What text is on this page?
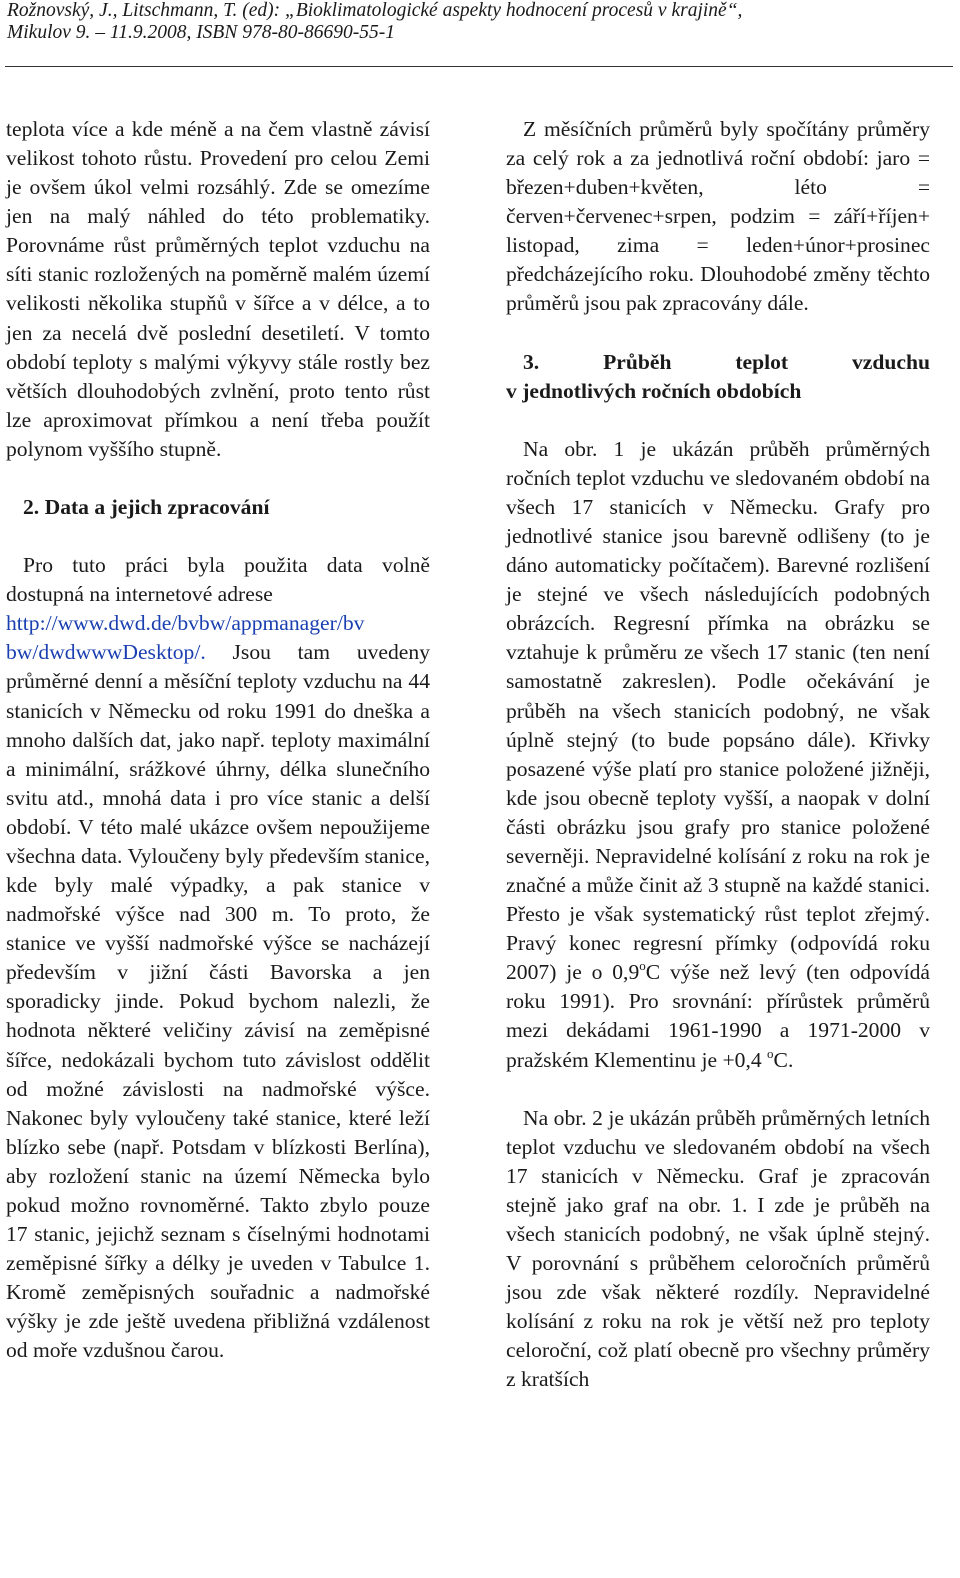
Rožnovský, J., Litschmann, T. (ed): „Bioklimatologické aspekty hodnocení procesů v krajině“,
Mikulov 9. – 11.9.2008, ISBN 978-80-86690-55-1

teplota více a kde méně a na čem vlastně závisí velikost tohoto růstu. Provedení pro celou Zemi je ovšem úkol velmi rozsáhlý. Zde se omezíme jen na malý náhled do této problematiky. Porovnáme růst průměrných teplot vzduchu na síti stanic rozložených na poměrně malém území velikosti několika stupňů v šířce a v délce, a to jen za necelá dvě poslední desetiletí. V tomto období teploty s malými výkyvy stále rostly bez větších dlouhodobých zvlnění, proto tento růst lze aproximovat přímkou a není třeba použít polynom vyššího stupně.

2. Data a jejich zpracování

Pro tuto práci byla použita data volně dostupná na internetové adrese

http://www.dwd.de/bvbw/appmanager/bv
bw/dwdwwwDesktop/. Jsou tam uvedeny průměrné denní a měsíční teploty vzduchu na 44 stanicích v Německu od roku 1991 do dneška a mnoho dalších dat, jako např. teploty maximální a minimální, srážkové úhrny, délka slunečního svitu atd., mnohá data i pro více stanic a delší období. V této malé ukázce ovšem nepoužijeme všechna data. Vyloučeny byly především stanice, kde byly malé výpadky, a pak stanice v nadmořské výšce nad 300 m. To proto, že stanice ve vyšší nadmořské výšce se nacházejí především v jižní části Bavorska a jen sporadicky jinde. Pokud bychom nalezli, že hodnota některé veličiny závisí na zeměpisné šířce, nedokázali bychom tuto závislost oddělit od možné závislosti na nadmořské výšce. Nakonec byly vyloučeny také stanice, které leží blízko sebe (např. Potsdam v blízkosti Berlína), aby rozložení stanic na území Německa bylo pokud možno rovnoměrné. Takto zbylo pouze 17 stanic, jejichž seznam s číselnými hodnotami zeměpisné šířky a délky je uveden v Tabulce 1. Kromě zeměpisných souřadnic a nadmořské výšky je zde ještě uvedena přibližná vzdálenost od moře vzdušnou čarou.

Z měsíčních průměrů byly spočítány průměry za celý rok a za jednotlivá roční období: jaro = březen+duben+květen, léto = červen+červenec+srpen, podzim = září+říjen+ listopad, zima = leden+únor+prosinec předcházejícího roku. Dlouhodobé změny těchto průměrů jsou pak zpracovány dále.

3.	Průběh	teplot	vzduchu

v jednotlivých ročních obdobích

Na obr. 1 je ukázán průběh průměrných ročních teplot vzduchu ve sledovaném období na všech 17 stanicích v Německu. Grafy pro jednotlivé stanice jsou barevně odlišeny (to je dáno automaticky počítačem). Barevné rozlišení je stejné ve všech následujících podobných obrázcích. Regresní přímka na obrázku se vztahuje k průměru ze všech 17 stanic (ten není samostatně zakreslen). Podle očekávání je průběh na všech stanicích podobný, ne však úplně stejný (to bude popsáno dále). Křivky posazené výše platí pro stanice položené jižněji, kde jsou obecně teploty vyšší, a naopak v dolní části obrázku jsou grafy pro stanice položené severněji. Nepravidelné kolísání z roku na rok je značné a může činit až 3 stupně na každé stanici. Přesto je však systematický růst teplot zřejmý. Pravý konec regresní přímky (odpovídá roku 2007) je o 0,9$^o$C výše než levý (ten odpovídá roku 1991). Pro srovnání: přírůstek průměrů mezi dekádami 1961-1990 a 1971-2000 v pražském Klementinu je +0,4 $^o$C.

Na obr. 2 je ukázán průběh průměrných letních teplot vzduchu ve sledovaném období na všech 17 stanicích v Německu. Graf je zpracován stejně jako graf na obr. 1. I zde je průběh na všech stanicích podobný, ne však úplně stejný. V porovnání s průběhem celoročních průměrů jsou zde však některé rozdíly. Nepravidelné kolísání z roku na rok je větší než pro teploty celoroční, což platí obecně pro všechny průměry z kratších
